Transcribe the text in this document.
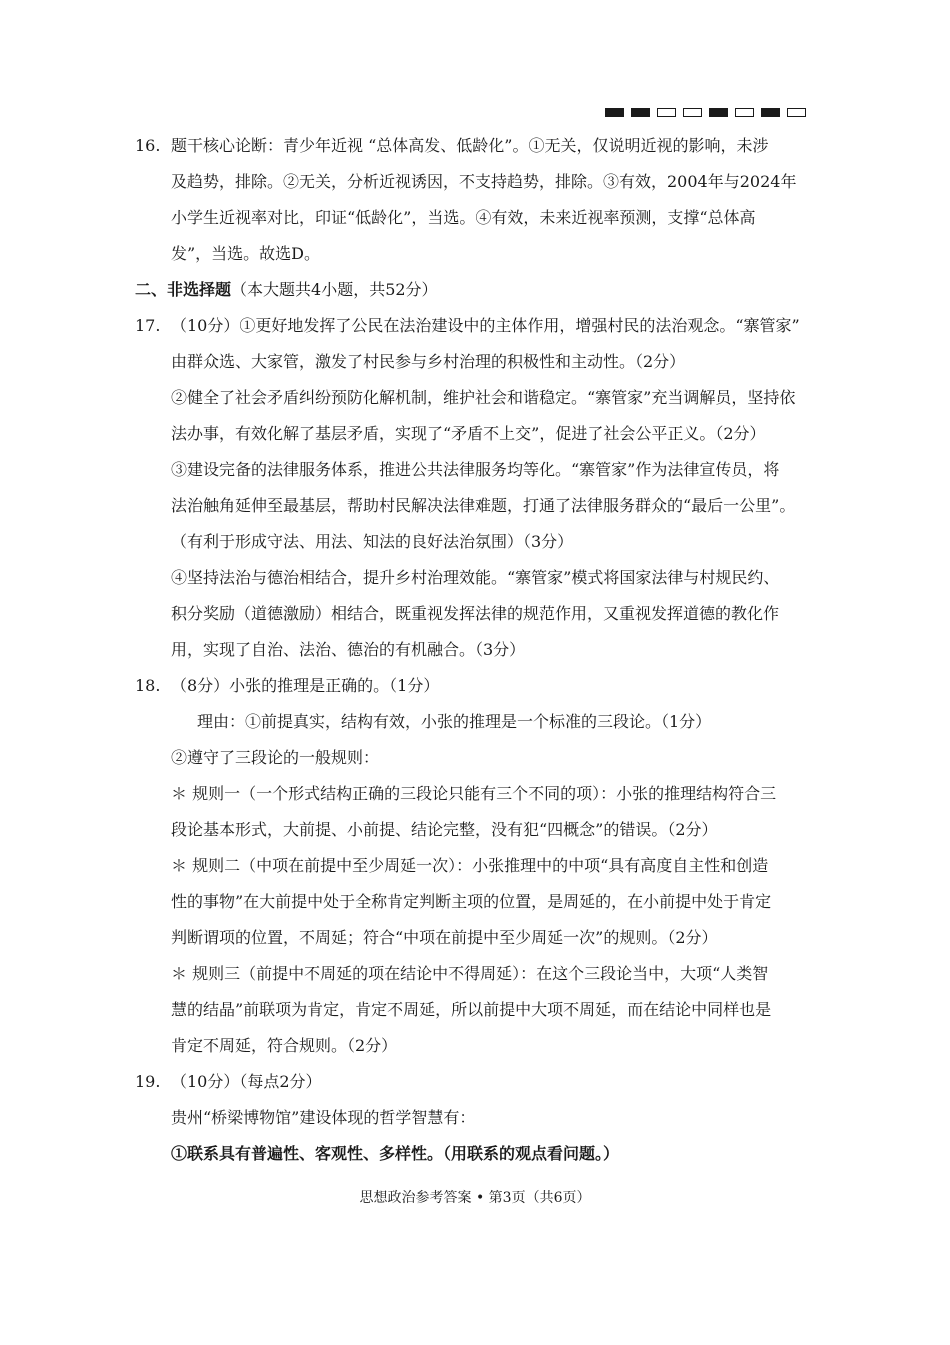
16. 题干核心论断：青少年近视 “总体高发、低龄化”。①无关，仅说明近视的影响，未涉
及趋势，排除。②无关，分析近视诱因，不支持趋势，排除。③有效，2004年与2024年
小学生近视率对比，印证“低龄化”，当选。④有效，未来近视率预测，支撑“总体高
发”，当选。故选D。
二、非选择题（本大题共4小题，共52分）
17. （10分）①更好地发挥了公民在法治建设中的主体作用，增强村民的法治观念。“寨管家”
由群众选、大家管，激发了村民参与乡村治理的积极性和主动性。（2分）
②健全了社会矛盾纠纷预防化解机制，维护社会和谐稳定。“寨管家”充当调解员，坚持依
法办事，有效化解了基层矛盾，实现了“矛盾不上交”，促进了社会公平正义。（2分）
③建设完备的法律服务体系，推进公共法律服务均等化。“寨管家”作为法律宣传员，将
法治触角延伸至最基层，帮助村民解决法律难题，打通了法律服务群众的“最后一公里”。
（有利于形成守法、用法、知法的良好法治氛围）（3分）
④坚持法治与德治相结合，提升乡村治理效能。“寨管家”模式将国家法律与村规民约、
积分奖励（道德激励）相结合，既重视发挥法律的规范作用，又重视发挥道德的教化作
用，实现了自治、法治、德治的有机融合。（3分）
18. （8分）小张的推理是正确的。（1分）
理由：①前提真实，结构有效，小张的推理是一个标准的三段论。（1分）
②遵守了三段论的一般规则：
＊ 规则一（一个形式结构正确的三段论只能有三个不同的项）：小张的推理结构符合三
段论基本形式，大前提、小前提、结论完整，没有犯“四概念”的错误。（2分）
＊ 规则二（中项在前提中至少周延一次）：小张推理中的中项“具有高度自主性和创造
性的事物”在大前提中处于全称肯定判断主项的位置，是周延的，在小前提中处于肯定
判断谓项的位置，不周延；符合“中项在前提中至少周延一次”的规则。（2分）
＊ 规则三（前提中不周延的项在结论中不得周延）：在这个三段论当中，大项“人类智
慧的结晶”前联项为肯定，肯定不周延，所以前提中大项不周延，而在结论中同样也是
肯定不周延，符合规则。（2分）
19. （10分）（每点2分）
贵州“桥梁博物馆”建设体现的哲学智慧有：
①联系具有普遍性、客观性、多样性。（用联系的观点看问题。）
思想政治参考答案 • 第3页（共6页）
